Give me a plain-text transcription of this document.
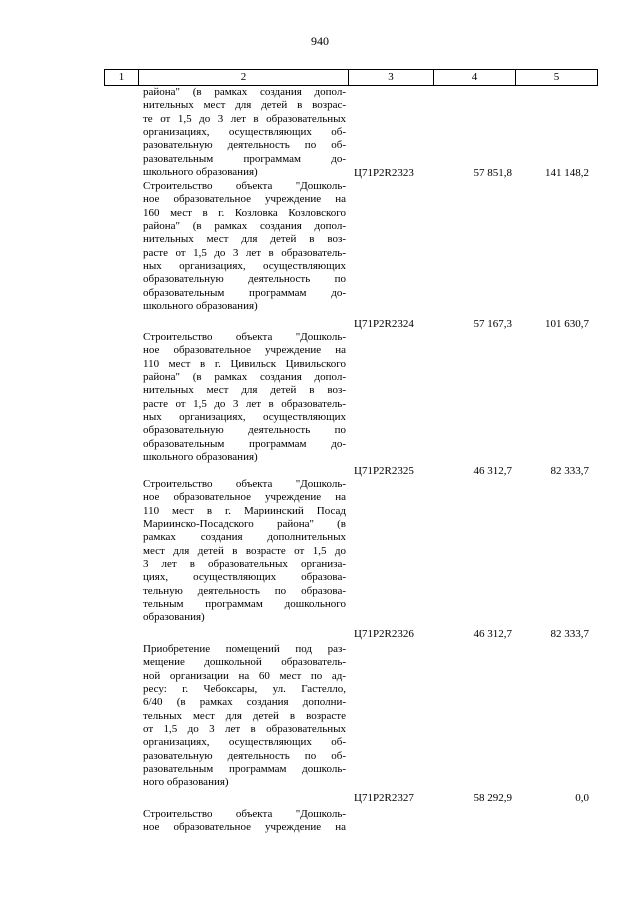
940
1	2	3	4	5
района" (в рамках создания допол-
нительных мест для детей в возрас-
те от 1,5 до 3 лет в образовательных
организациях, осуществляющих об-
разовательную деятельность по об-
разовательным программам до-
школьного образования)	Ц71Р2R2323	57 851,8	141 148,2
Строительство объекта "Дошколь-
ное образовательное учреждение на
160 мест в г. Козловка Козловского
района" (в рамках создания допол-
нительных мест для детей в воз-
расте от 1,5 до 3 лет в образователь-
ных организациях, осуществляющих
образовательную деятельность по
образовательным программам до-
школьного образования)
Ц71Р2R2324	57 167,3	101 630,7
Строительство объекта "Дошколь-
ное образовательное учреждение на
110 мест в г. Цивильск Цивильского
района" (в рамках создания допол-
нительных мест для детей в воз-
расте от 1,5 до 3 лет в образователь-
ных организациях, осуществляющих
образовательную деятельность по
образовательным программам до-
школьного образования)
Ц71Р2R2325	46 312,7	82 333,7
Строительство объекта "Дошколь-
ное образовательное учреждение на
110 мест в г. Мариинский Посад
Мариинско-Посадского района" (в
рамках создания дополнительных
мест для детей в возрасте от 1,5 до
3 лет в образовательных организа-
циях, осуществляющих образова-
тельную деятельность по образова-
тельным программам дошкольного
образования)
Ц71Р2R2326	46 312,7	82 333,7
Приобретение помещений под раз-
мещение дошкольной образователь-
ной организации на 60 мест по ад-
ресу: г. Чебоксары, ул. Гастелло,
6/40 (в рамках создания дополни-
тельных мест для детей в возрасте
от 1,5 до 3 лет в образовательных
организациях, осуществляющих об-
разовательную деятельность по об-
разовательным программам дошколь-
ного образования)
Ц71Р2R2327	58 292,9	0,0
Строительство объекта "Дошколь-
ное образовательное учреждение на
